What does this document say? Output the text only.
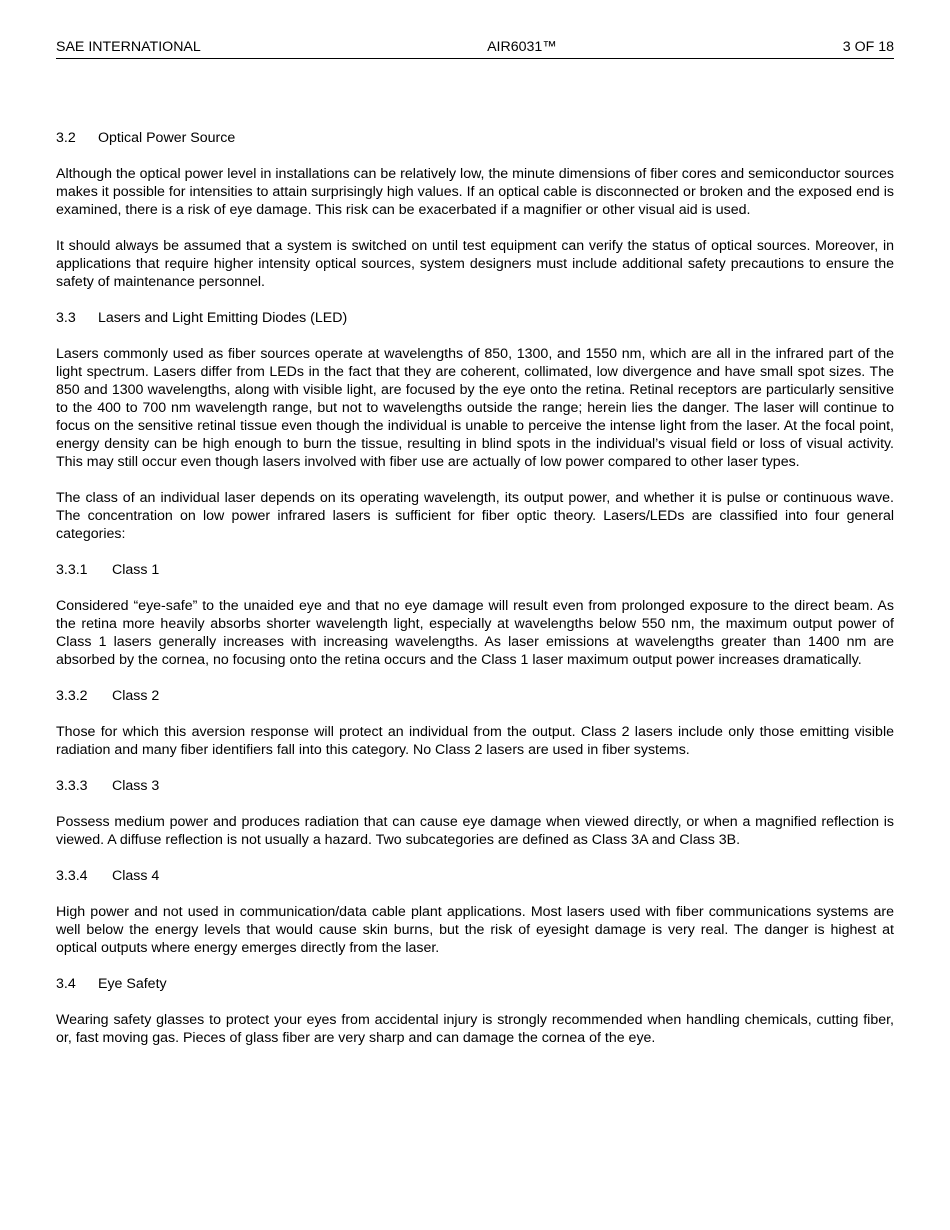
SAE INTERNATIONAL	AIR6031™	3 OF 18
3.2 Optical Power Source

Although the optical power level in installations can be relatively low, the minute dimensions of fiber cores and semiconductor sources makes it possible for intensities to attain surprisingly high values. If an optical cable is disconnected or broken and the exposed end is examined, there is a risk of eye damage. This risk can be exacerbated if a magnifier or other visual aid is used.

It should always be assumed that a system is switched on until test equipment can verify the status of optical sources. Moreover, in applications that require higher intensity optical sources, system designers must include additional safety precautions to ensure the safety of maintenance personnel.

3.3 Lasers and Light Emitting Diodes (LED)

Lasers commonly used as fiber sources operate at wavelengths of 850, 1300, and 1550 nm, which are all in the infrared part of the light spectrum. Lasers differ from LEDs in the fact that they are coherent, collimated, low divergence and have small spot sizes. The 850 and 1300 wavelengths, along with visible light, are focused by the eye onto the retina. Retinal receptors are particularly sensitive to the 400 to 700 nm wavelength range, but not to wavelengths outside the range; herein lies the danger. The laser will continue to focus on the sensitive retinal tissue even though the individual is unable to perceive the intense light from the laser. At the focal point, energy density can be high enough to burn the tissue, resulting in blind spots in the individual’s visual field or loss of visual activity. This may still occur even though lasers involved with fiber use are actually of low power compared to other laser types.

The class of an individual laser depends on its operating wavelength, its output power, and whether it is pulse or continuous wave. The concentration on low power infrared lasers is sufficient for fiber optic theory. Lasers/LEDs are classified into four general categories:

3.3.1 Class 1

Considered “eye-safe” to the unaided eye and that no eye damage will result even from prolonged exposure to the direct beam. As the retina more heavily absorbs shorter wavelength light, especially at wavelengths below 550 nm, the maximum output power of Class 1 lasers generally increases with increasing wavelengths. As laser emissions at wavelengths greater than 1400 nm are absorbed by the cornea, no focusing onto the retina occurs and the Class 1 laser maximum output power increases dramatically.

3.3.2 Class 2

Those for which this aversion response will protect an individual from the output. Class 2 lasers include only those emitting visible radiation and many fiber identifiers fall into this category. No Class 2 lasers are used in fiber systems.

3.3.3 Class 3

Possess medium power and produces radiation that can cause eye damage when viewed directly, or when a magnified reflection is viewed. A diffuse reflection is not usually a hazard. Two subcategories are defined as Class 3A and Class 3B.

3.3.4 Class 4

High power and not used in communication/data cable plant applications. Most lasers used with fiber communications systems are well below the energy levels that would cause skin burns, but the risk of eyesight damage is very real. The danger is highest at optical outputs where energy emerges directly from the laser.

3.4 Eye Safety

Wearing safety glasses to protect your eyes from accidental injury is strongly recommended when handling chemicals, cutting fiber, or, fast moving gas. Pieces of glass fiber are very sharp and can damage the cornea of the eye.
